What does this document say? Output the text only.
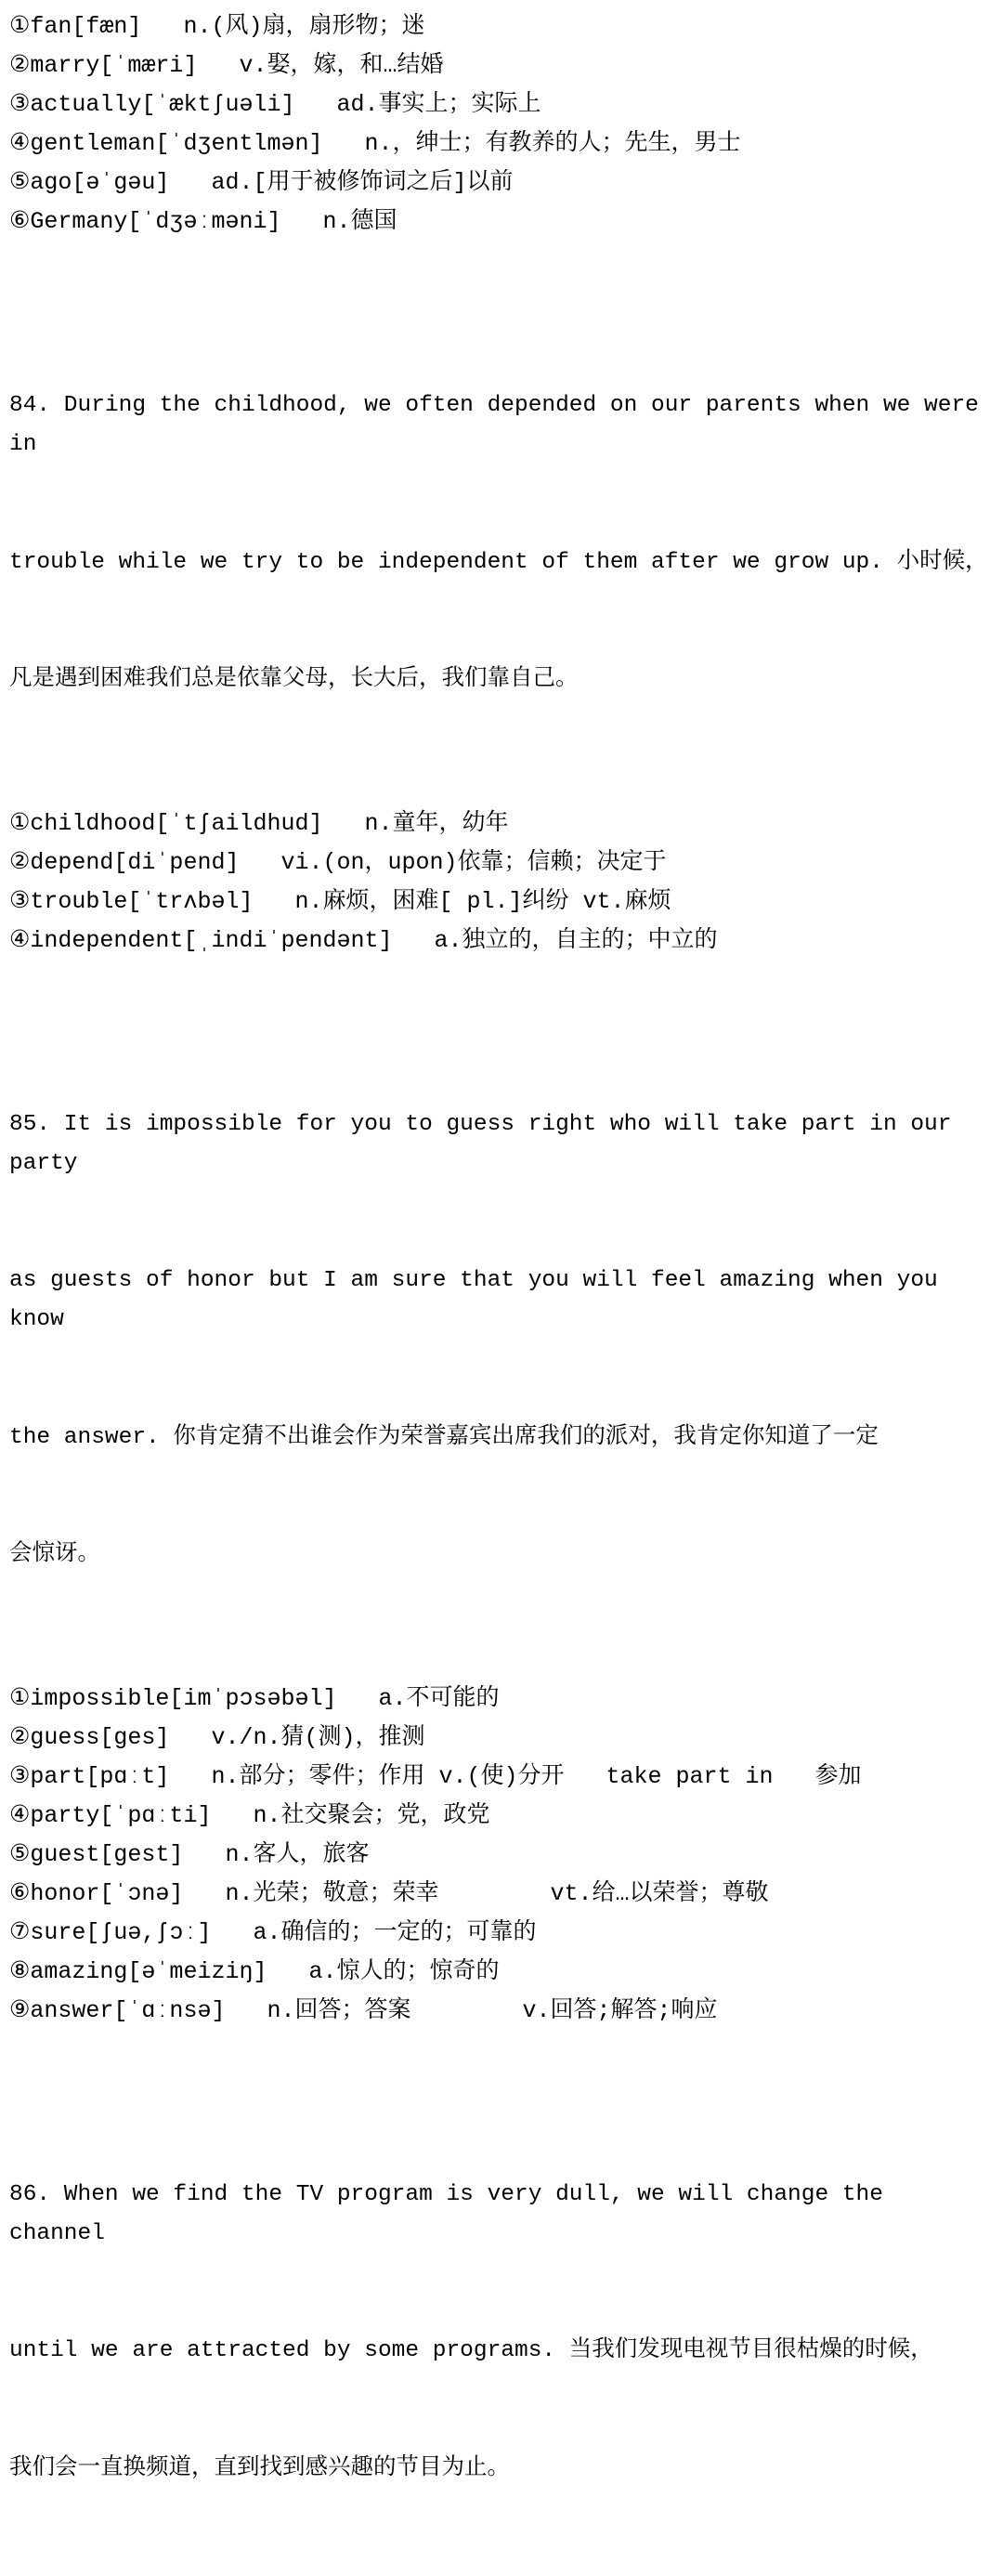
①fan[fæn]   n.(风)扇，扇形物；迷
②marry[ˈmæri]   v.娶，嫁，和…结婚
③actually[ˈæktʃuəli]   ad.事实上；实际上
④gentleman[ˈdʒentlmən]   n.，绅士；有教养的人；先生，男士
⑤ago[əˈgəu]   ad.[用于被修饰词之后]以前
⑥Germany[ˈdʒəːməni]   n.德国

84. During the childhood, we often depended on our parents when we were in

trouble while we try to be independent of them after we grow up. 小时候，

凡是遇到困难我们总是依靠父母，长大后，我们靠自己。

①childhood[ˈtʃaildhud]   n.童年，幼年
②depend[diˈpend]   vi.(on，upon)依靠；信赖；决定于
③trouble[ˈtrʌbəl]   n.麻烦，困难[ pl.]纠纷 vt.麻烦
④independent[ˌindiˈpendənt]   a.独立的，自主的；中立的

85. It is impossible for you to guess right who will take part in our party

as guests of honor but I am sure that you will feel amazing when you know

the answer. 你肯定猜不出谁会作为荣誉嘉宾出席我们的派对，我肯定你知道了一定

会惊讶。

①impossible[imˈpɔsəbəl]   a.不可能的
②guess[ges]   v./n.猜(测)，推测
③part[pɑːt]   n.部分；零件；作用 v.(使)分开   take part in   参加
④party[ˈpɑːti]   n.社交聚会；党，政党
⑤guest[gest]   n.客人，旅客
⑥honor[ˈɔnə]   n.光荣；敬意；荣幸        vt.给…以荣誉；尊敬
⑦sure[ʃuə,ʃɔː]   a.确信的；一定的；可靠的
⑧amazing[əˈmeiziŋ]   a.惊人的；惊奇的
⑨answer[ˈɑːnsə]   n.回答；答案        v.回答;解答;响应

86. When we find the TV program is very dull, we will change the channel

until we are attracted by some programs. 当我们发现电视节目很枯燥的时候，

我们会一直换频道，直到找到感兴趣的节目为止。
